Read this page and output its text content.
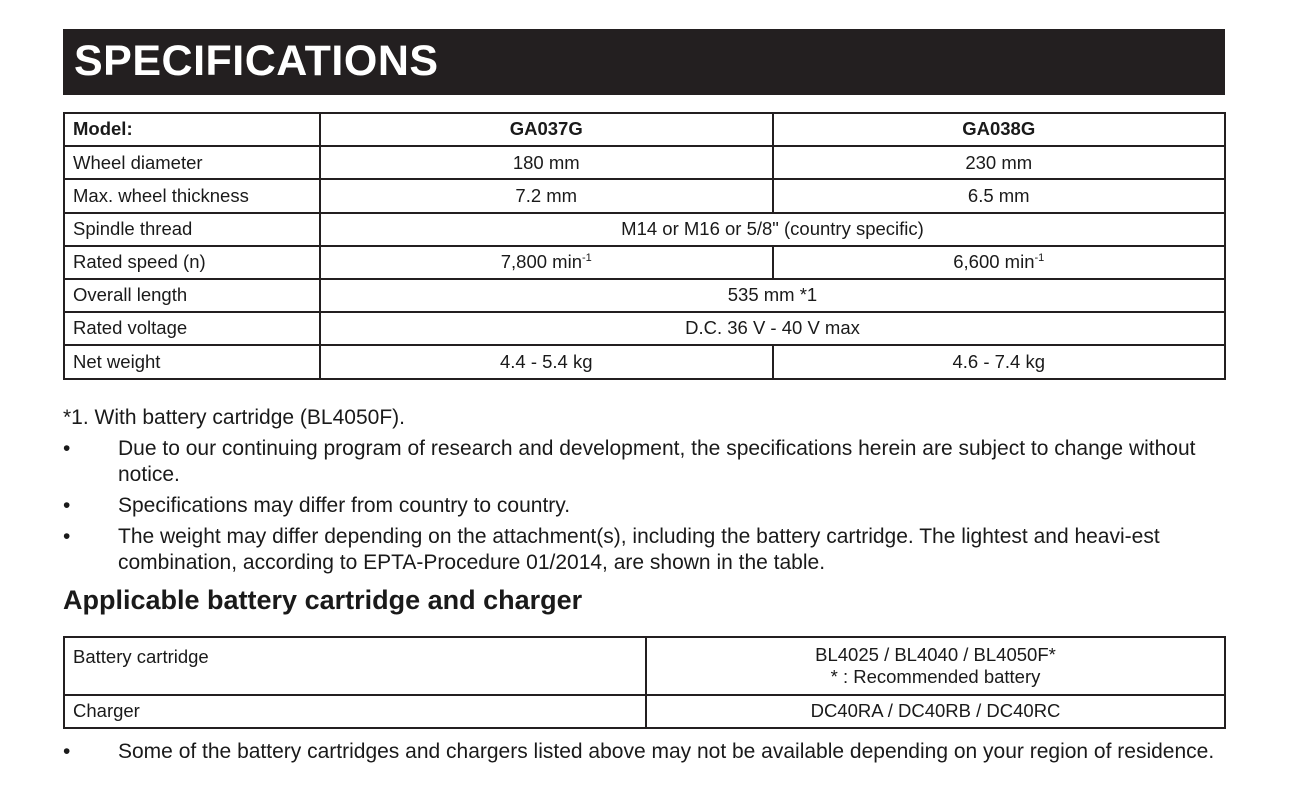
SPECIFICATIONS
Model:	GA037G	GA038G
Wheel diameter	180 mm	230 mm
Max. wheel thickness	7.2 mm	6.5 mm
Spindle thread	M14 or M16 or 5/8" (country specific)	
Rated speed (n)	7,800 $\min^{-1}$	6,600 $\min^{-1}$
Overall length	535 mm *1	
Rated voltage	D.C. 36 V - 40 V max	
Net weight	4.4 - 5.4 kg	4.6 - 7.4 kg
*1. With battery cartridge (BL4050F).
• Due to our continuing program of research and development, the specifications herein are subject to change without notice.
• Specifications may differ from country to country.
• The weight may differ depending on the attachment(s), including the battery cartridge. The lightest and heavi-est combination, according to EPTA-Procedure 01/2014, are shown in the table.
Applicable battery cartridge and charger
Battery cartridge	BL4025 / BL4040 / BL4050F*
* : Recommended battery

Charger	DC40RA / DC40RB / DC40RC
• Some of the battery cartridges and chargers listed above may not be available depending on your region of residence.
